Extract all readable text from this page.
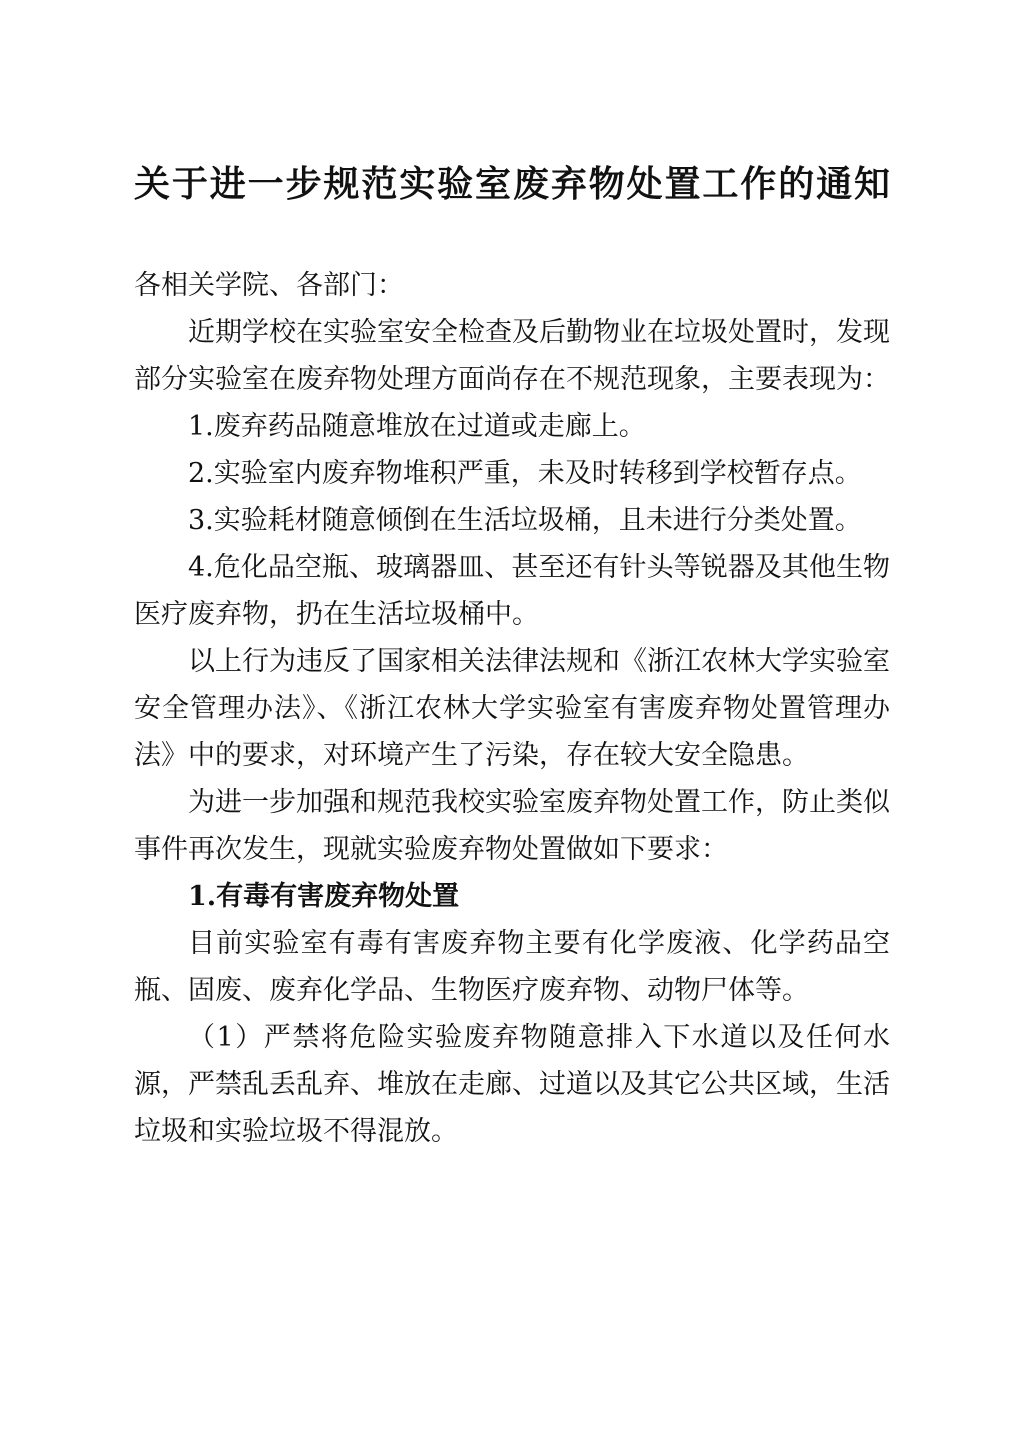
关于进一步规范实验室废弃物处置工作的通知

各相关学院、各部门：

近期学校在实验室安全检查及后勤物业在垃圾处置时，发现部分实验室在废弃物处理方面尚存在不规范现象，主要表现为：

1.废弃药品随意堆放在过道或走廊上。

2.实验室内废弃物堆积严重，未及时转移到学校暂存点。

3.实验耗材随意倾倒在生活垃圾桶，且未进行分类处置。

4.危化品空瓶、玻璃器皿、甚至还有针头等锐器及其他生物医疗废弃物，扔在生活垃圾桶中。

以上行为违反了国家相关法律法规和《浙江农林大学实验室安全管理办法》、《浙江农林大学实验室有害废弃物处置管理办法》中的要求，对环境产生了污染，存在较大安全隐患。

为进一步加强和规范我校实验室废弃物处置工作，防止类似事件再次发生，现就实验废弃物处置做如下要求：

1.有毒有害废弃物处置

目前实验室有毒有害废弃物主要有化学废液、化学药品空瓶、固废、废弃化学品、生物医疗废弃物、动物尸体等。

（1）严禁将危险实验废弃物随意排入下水道以及任何水源，严禁乱丢乱弃、堆放在走廊、过道以及其它公共区域，生活垃圾和实验垃圾不得混放。
